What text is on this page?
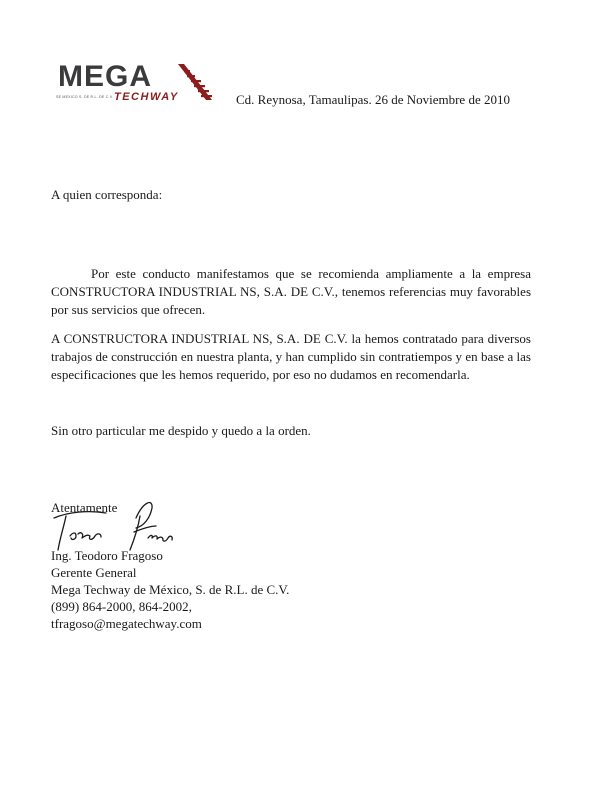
MEGA
SE MEXICO S. DE R.L. DE C.V. TECHWAY	Cd. Reynosa, Tamaulipas. 26 de Noviembre de 2010
A quien corresponda:
Por este conducto manifestamos que se recomienda ampliamente a la empresa CONSTRUCTORA INDUSTRIAL NS, S.A. DE C.V., tenemos referencias muy favorables por sus servicios que ofrecen.
A CONSTRUCTORA INDUSTRIAL NS, S.A. DE C.V. la hemos contratado para diversos trabajos de construcción en nuestra planta, y han cumplido sin contratiempos y en base a las especificaciones que les hemos requerido, por eso no dudamos en recomendarla.
Sin otro particular me despido y quedo a la orden.
Atentamente
Ing. Teodoro Fragoso
Gerente General
Mega Techway de México, S. de R.L. de C.V.
(899) 864-2000, 864-2002,
tfragoso@megatechway.com
